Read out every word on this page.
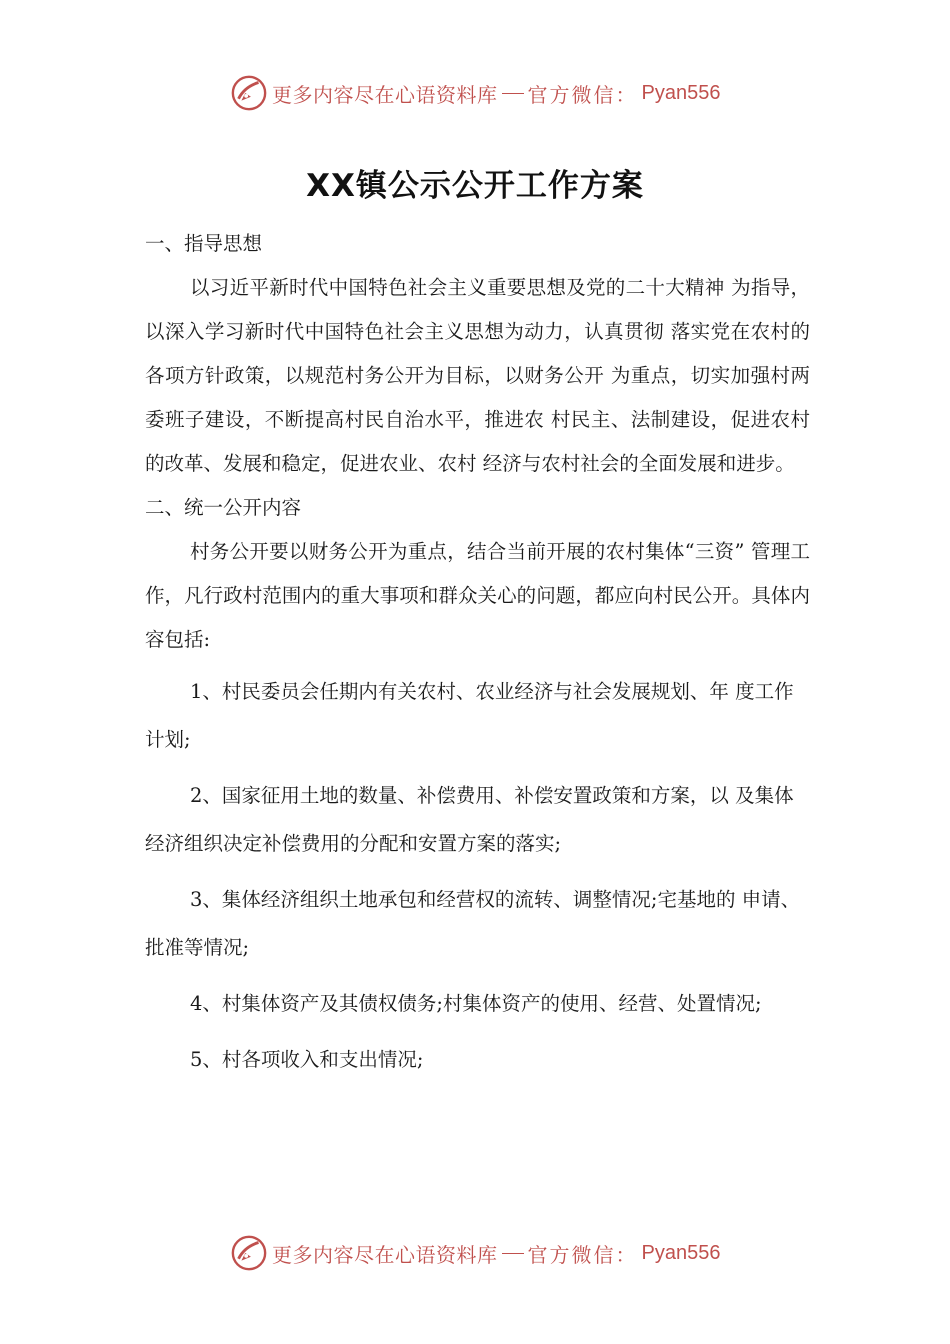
更多内容尽在心语资料库 官方微信： Pyan556
XX镇公示公开工作方案

一、指导思想

以习近平新时代中国特色社会主义重要思想及党的二十大精神 为指导，以深入学习新时代中国特色社会主义思想为动力，认真贯彻 落实党在农村的各项方针政策，以规范村务公开为目标，以财务公开 为重点，切实加强村两委班子建设，不断提高村民自治水平，推进农 村民主、法制建设，促进农村的改革、发展和稳定，促进农业、农村 经济与农村社会的全面发展和进步。

二、统一公开内容

村务公开要以财务公开为重点，结合当前开展的农村集体“三资” 管理工作，凡行政村范围内的重大事项和群众关心的问题，都应向村民公开。具体内容包括:

1、村民委员会任期内有关农村、农业经济与社会发展规划、年 度工作计划;

2、国家征用土地的数量、补偿费用、补偿安置政策和方案，以 及集体经济组织决定补偿费用的分配和安置方案的落实;

3、集体经济组织土地承包和经营权的流转、调整情况;宅基地的 申请、批准等情况;

4、村集体资产及其债权债务;村集体资产的使用、经营、处置情况;

5、村各项收入和支出情况;

更多内容尽在心语资料库 官方微信： Pyan556
